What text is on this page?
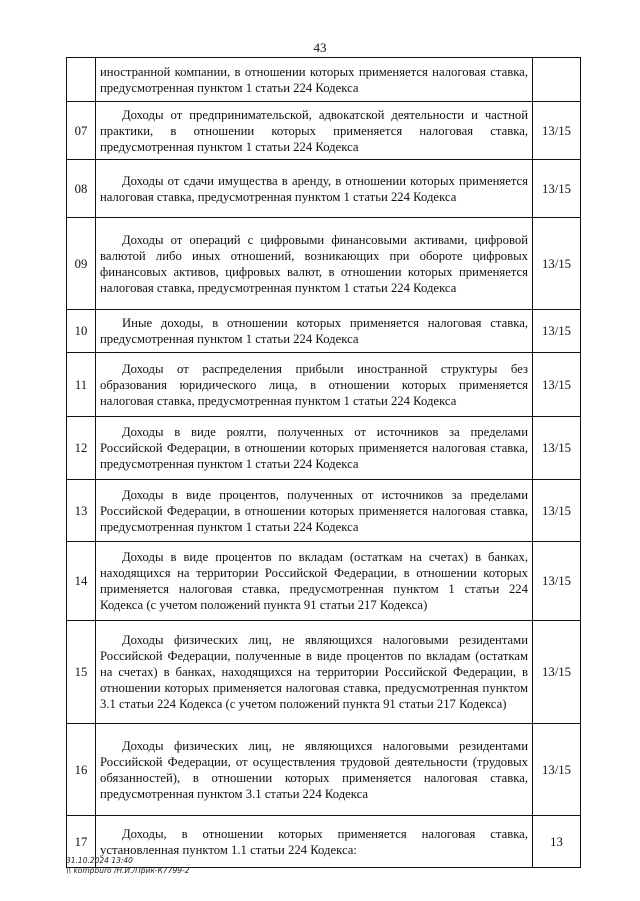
43

	иностранной компании, в отношении которых применяется налоговая ставка, предусмотренная пунктом 1 статьи 224 Кодекса	

07	Доходы от предпринимательской, адвокатской деятельности и частной практики, в отношении которых применяется налоговая ставка, предусмотренная пунктом 1 статьи 224 Кодекса	13/15
08	Доходы от сдачи имущества в аренду, в отношении которых применяется налоговая ставка, предусмотренная пунктом 1 статьи 224 Кодекса	13/15
09	Доходы от операций с цифровыми финансовыми активами, цифровой валютой либо иных отношений, возникающих при обороте цифровых финансовых активов, цифровых валют, в отношении которых применяется налоговая ставка, предусмотренная пунктом 1 статьи 224 Кодекса	13/15
10	Иные доходы, в отношении которых применяется налоговая ставка, предусмотренная пунктом 1 статьи 224 Кодекса	13/15
11	Доходы от распределения прибыли иностранной структуры без образования юридического лица, в отношении которых применяется налоговая ставка, предусмотренная пунктом 1 статьи 224 Кодекса	13/15
12	Доходы в виде роялти, полученных от источников за пределами Российской Федерации, в отношении которых применяется налоговая ставка, предусмотренная пунктом 1 статьи 224 Кодекса	13/15
13	Доходы в виде процентов, полученных от источников за пределами Российской Федерации, в отношении которых применяется налоговая ставка, предусмотренная пунктом 1 статьи 224 Кодекса	13/15
14	Доходы в виде процентов по вкладам (остаткам на счетах) в банках, находящихся на территории Российской Федерации, в отношении которых применяется налоговая ставка, предусмотренная пунктом 1 статьи 224 Кодекса (с учетом положений пункта 91 статьи 217 Кодекса)	13/15
15	Доходы физических лиц, не являющихся налоговыми резидентами Российской Федерации, полученные в виде процентов по вкладам (остаткам на счетах) в банках, находящихся на территории Российской Федерации, в отношении которых применяется налоговая ставка, предусмотренная пунктом 3.1 статьи 224 Кодекса (с учетом положений пункта 91 статьи 217 Кодекса)	13/15
16	Доходы физических лиц, не являющихся налоговыми резидентами Российской Федерации, от осуществления трудовой деятельности (трудовых обязанностей), в отношении которых применяется налоговая ставка, предусмотренная пунктом 3.1 статьи 224 Кодекса	13/15
17	Доходы, в отношении которых применяется налоговая ставка, установленная пунктом 1.1 статьи 224 Кодекса:	13
31.10.2024 13:40
\\ kompburo /Н.И./Прик-К7799-2
